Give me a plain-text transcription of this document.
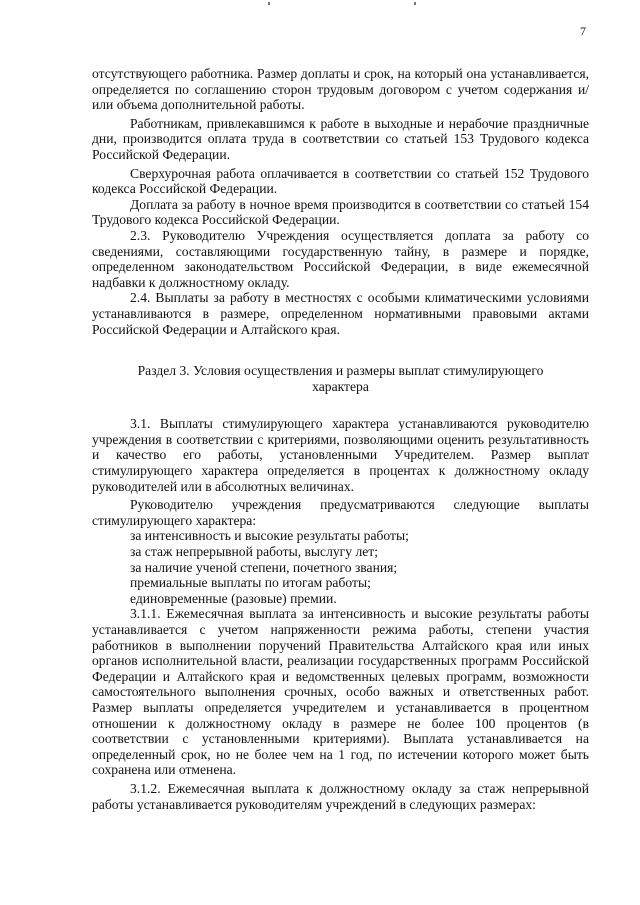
7

отсутствующего работника. Размер доплаты и срок, на который она устанавливается, определяется по соглашению сторон трудовым договором с учетом содержания и/или объема дополнительной работы.

Работникам, привлекавшимся к работе в выходные и нерабочие праздничные дни, производится оплата труда в соответствии со статьей 153 Трудового кодекса Российской Федерации.

Сверхурочная работа оплачивается в соответствии со статьей 152 Трудового кодекса Российской Федерации.

Доплата за работу в ночное время производится в соответствии со статьей 154 Трудового кодекса Российской Федерации.

2.3. Руководителю Учреждения осуществляется доплата за работу со сведениями, составляющими государственную тайну, в размере и порядке, определенном законодательством Российской Федерации, в виде ежемесячной надбавки к должностному окладу.

2.4. Выплаты за работу в местностях с особыми климатическими условиями устанавливаются в размере, определенном нормативными правовыми актами Российской Федерации и Алтайского края.

Раздел 3. Условия осуществления и размеры выплат стимулирующего характера

3.1. Выплаты стимулирующего характера устанавливаются руководителю учреждения в соответствии с критериями, позволяющими оценить результативность и качество его работы, установленными Учредителем. Размер выплат стимулирующего характера определяется в процентах к должностному окладу руководителей или в абсолютных величинах.

Руководителю учреждения предусматриваются следующие выплаты стимулирующего характера:

за интенсивность и высокие результаты работы;

за стаж непрерывной работы, выслугу лет;

за наличие ученой степени, почетного звания;

премиальные выплаты по итогам работы;

единовременные (разовые) премии.

3.1.1. Ежемесячная выплата за интенсивность и высокие результаты работы устанавливается с учетом напряженности режима работы, степени участия работников в выполнении поручений Правительства Алтайского края или иных органов исполнительной власти, реализации государственных программ Российской Федерации и Алтайского края и ведомственных целевых программ, возможности самостоятельного выполнения срочных, особо важных и ответственных работ. Размер выплаты определяется учредителем и устанавливается в процентном отношении к должностному окладу в размере не более 100 процентов (в соответствии с установленными критериями). Выплата устанавливается на определенный срок, но не более чем на 1 год, по истечении которого может быть сохранена или отменена.

3.1.2. Ежемесячная выплата к должностному окладу за стаж непрерывной работы устанавливается руководителям учреждений в следующих размерах:
